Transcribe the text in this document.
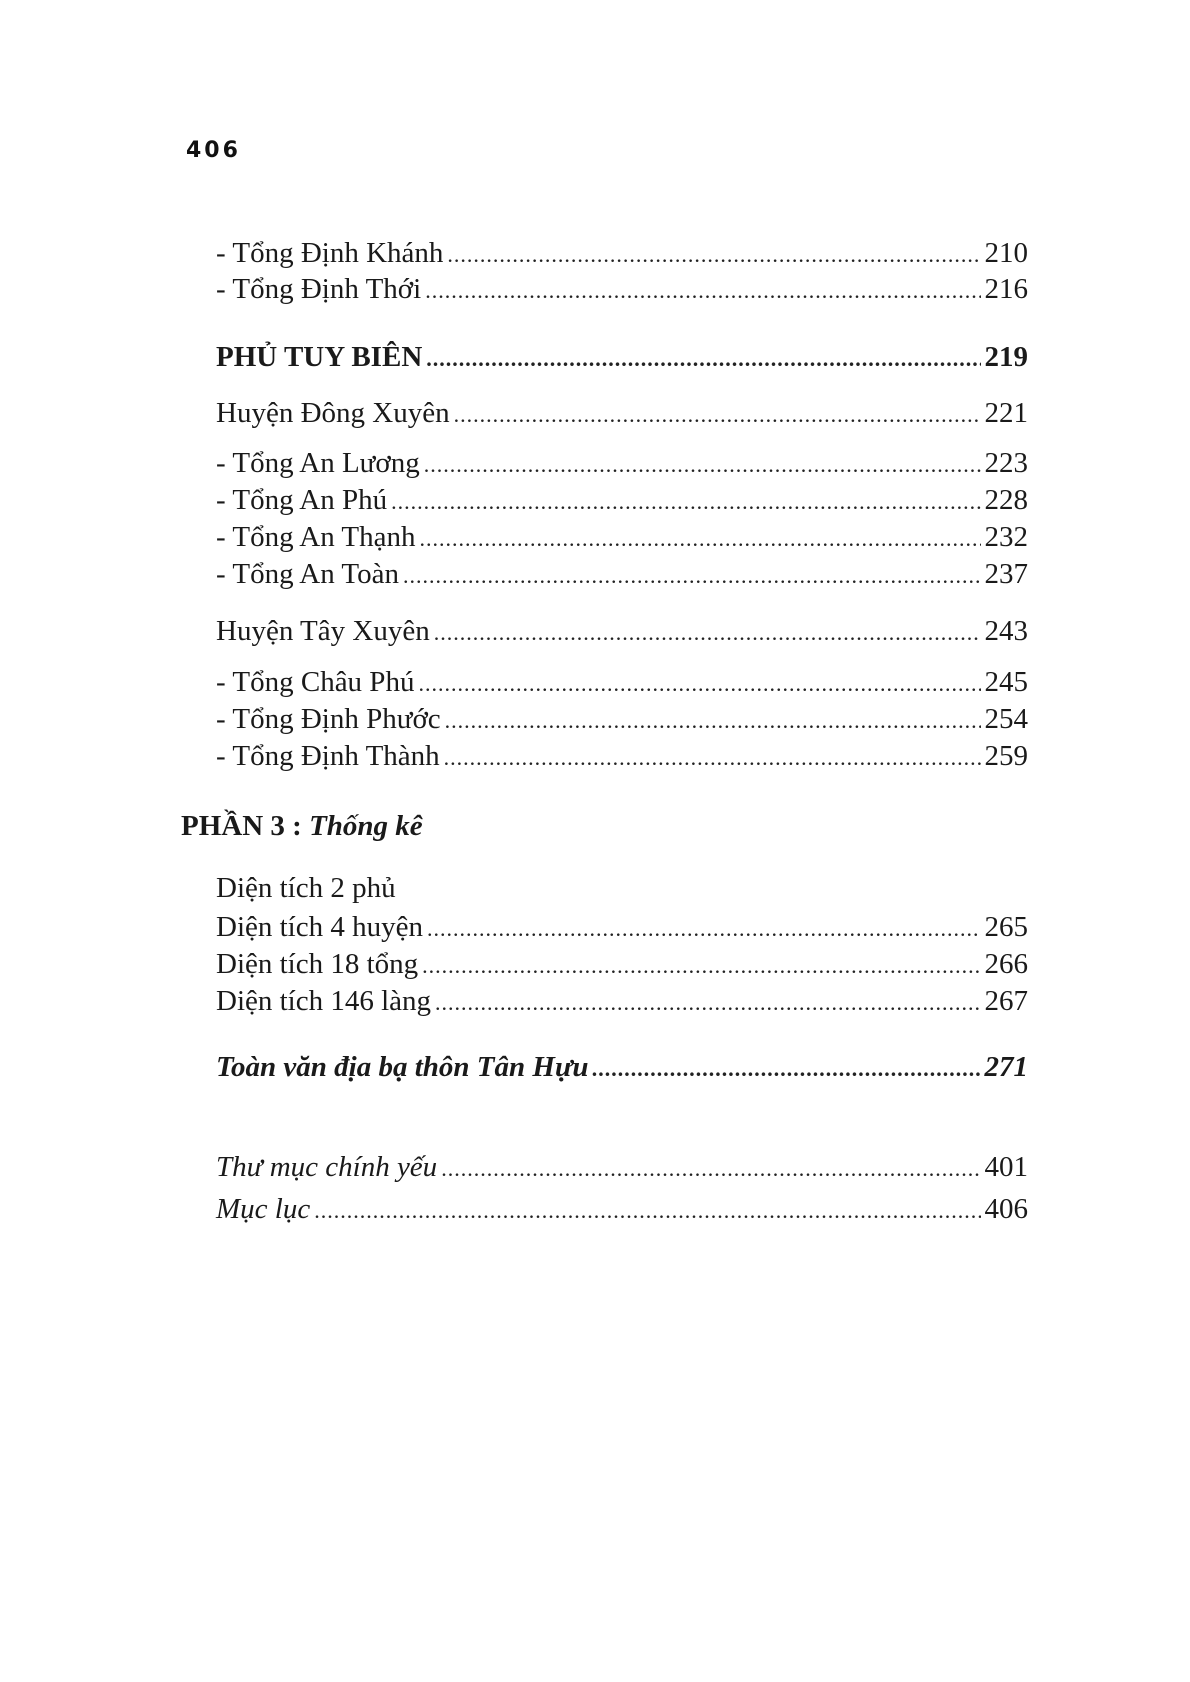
406
- Tổng Định Khánh .....	210
- Tổng Định Thới .....	216
PHỦ TUY BIÊN .....	219
Huyện Đông Xuyên .....	221
- Tổng An Lương .....	223
- Tổng An Phú .....	228
- Tổng An Thạnh .....	232
- Tổng An Toàn .....	237
Huyện Tây Xuyên .....	243
- Tổng Châu Phú .....	245
- Tổng Định Phước .....	254
- Tổng Định Thành .....	259
PHẦN 3 : Thống kê
Diện tích 2 phủ
Diện tích 4 huyện .....	265
Diện tích 18 tổng .....	266
Diện tích 146 làng .....	267
Toàn văn địa bạ thôn Tân Hựu .....	271
Thư mục chính yếu .....	401
Mục lục .....	406
